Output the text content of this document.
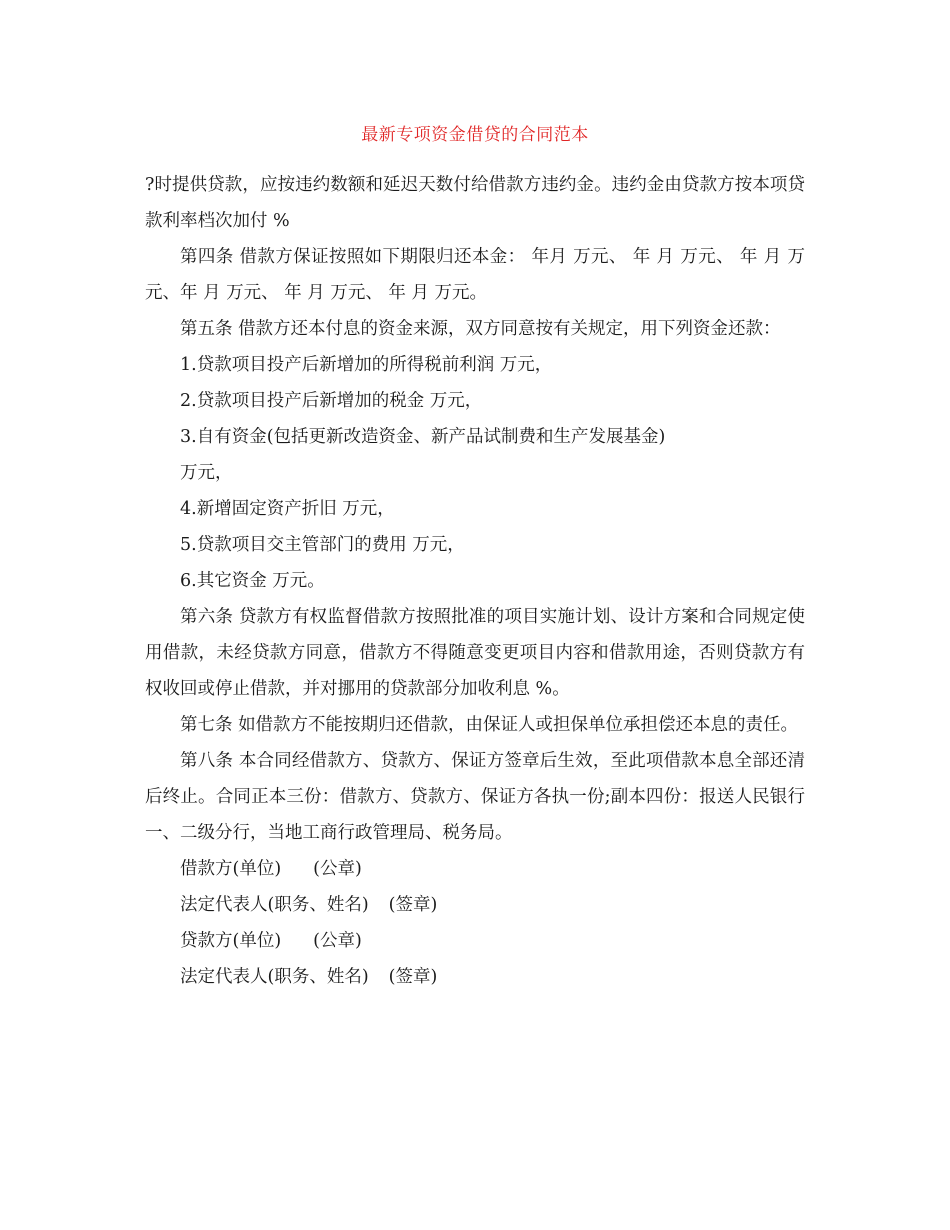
最新专项资金借贷的合同范本

?时提供贷款，应按违约数额和延迟天数付给借款方违约金。违约金由贷款方按本项贷款利率档次加付 %

第四条 借款方保证按照如下期限归还本金： 年月 万元、 年 月 万元、 年 月 万元、年 月 万元、 年 月 万元、 年 月 万元。

第五条 借款方还本付息的资金来源，双方同意按有关规定，用下列资金还款：

1.贷款项目投产后新增加的所得税前利润 万元，

2.贷款项目投产后新增加的税金 万元，

3.自有资金(包括更新改造资金、新产品试制费和生产发展基金)

万元，

4.新增固定资产折旧 万元，

5.贷款项目交主管部门的费用 万元，

6.其它资金 万元。

第六条 贷款方有权监督借款方按照批准的项目实施计划、设计方案和合同规定使用借款，未经贷款方同意，借款方不得随意变更项目内容和借款用途，否则贷款方有权收回或停止借款，并对挪用的贷款部分加收利息 %。

第七条 如借款方不能按期归还借款，由保证人或担保单位承担偿还本息的责任。

第八条 本合同经借款方、贷款方、保证方签章后生效，至此项借款本息全部还清后终止。合同正本三份：借款方、贷款方、保证方各执一份;副本四份：报送人民银行一、二级分行，当地工商行政管理局、税务局。

借款方(单位) (公章)

法定代表人(职务、姓名) (签章)

贷款方(单位) (公章)

法定代表人(职务、姓名) (签章)
